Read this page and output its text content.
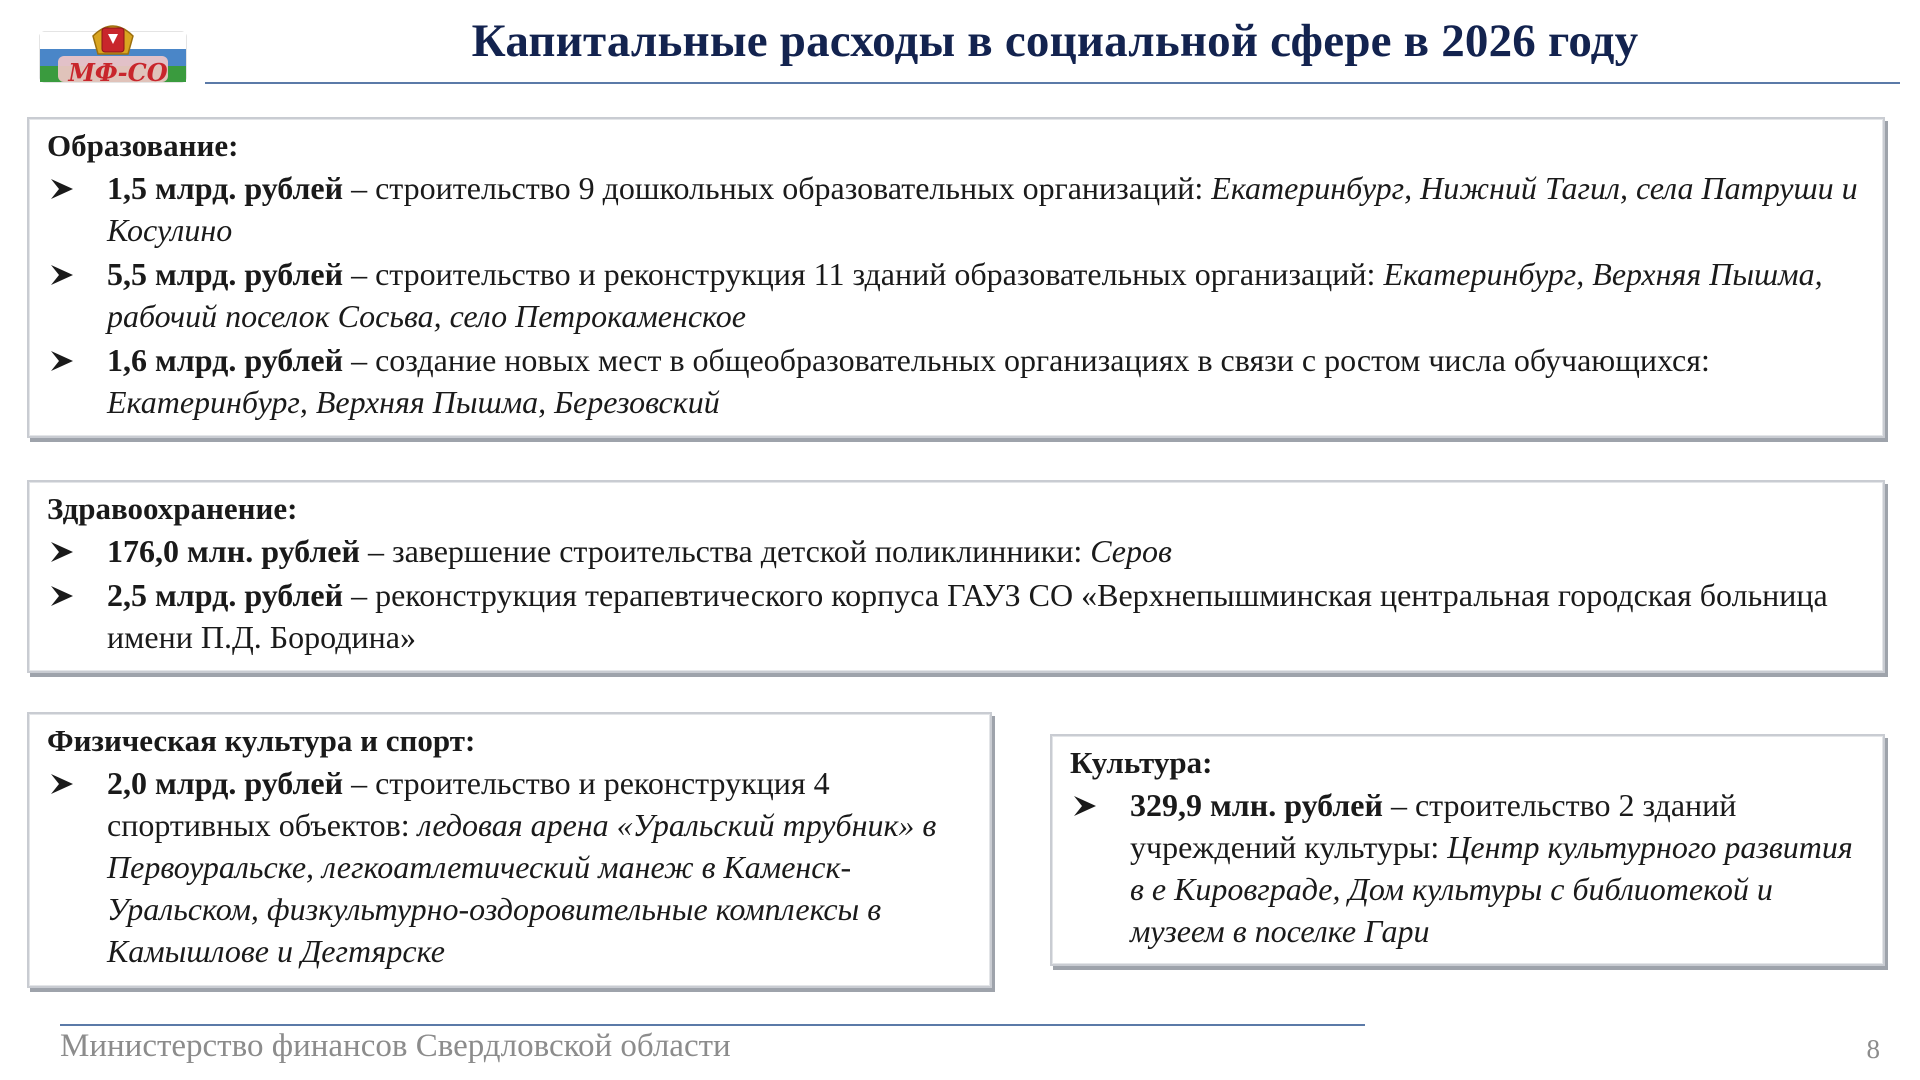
МФ-СО
Капитальные расходы в социальной сфере в 2026 году
Образование:
1,5 млрд. рублей – строительство 9 дошкольных образовательных организаций: Екатеринбург, Нижний Тагил, села Патруши и Косулино
5,5 млрд. рублей – строительство и реконструкция 11 зданий образовательных организаций: Екатеринбург, Верхняя Пышма, рабочий поселок Сосьва, село Петрокаменское
1,6 млрд. рублей – создание новых мест в общеобразовательных организациях в связи с ростом числа обучающихся: Екатеринбург, Верхняя Пышма, Березовский
Здравоохранение:
176,0 млн. рублей – завершение строительства детской поликлинники: Серов
2,5 млрд. рублей – реконструкция терапевтического корпуса ГАУЗ СО «Верхнепышминская центральная городская больница имени П.Д. Бородина»
Физическая культура и спорт:
2,0 млрд. рублей – строительство и реконструкция 4 спортивных объектов: ледовая арена «Уральский трубник» в Первоуральске, легкоатлетический манеж в Каменск-Уральском, физкультурно-оздоровительные комплексы в Камышлове и Дегтярске
Культура:
329,9 млн. рублей – строительство 2 зданий учреждений культуры: Центр культурного развития в е Кировграде, Дом культуры с библиотекой и музеем в поселке Гари
Министерство финансов Свердловской области	8
